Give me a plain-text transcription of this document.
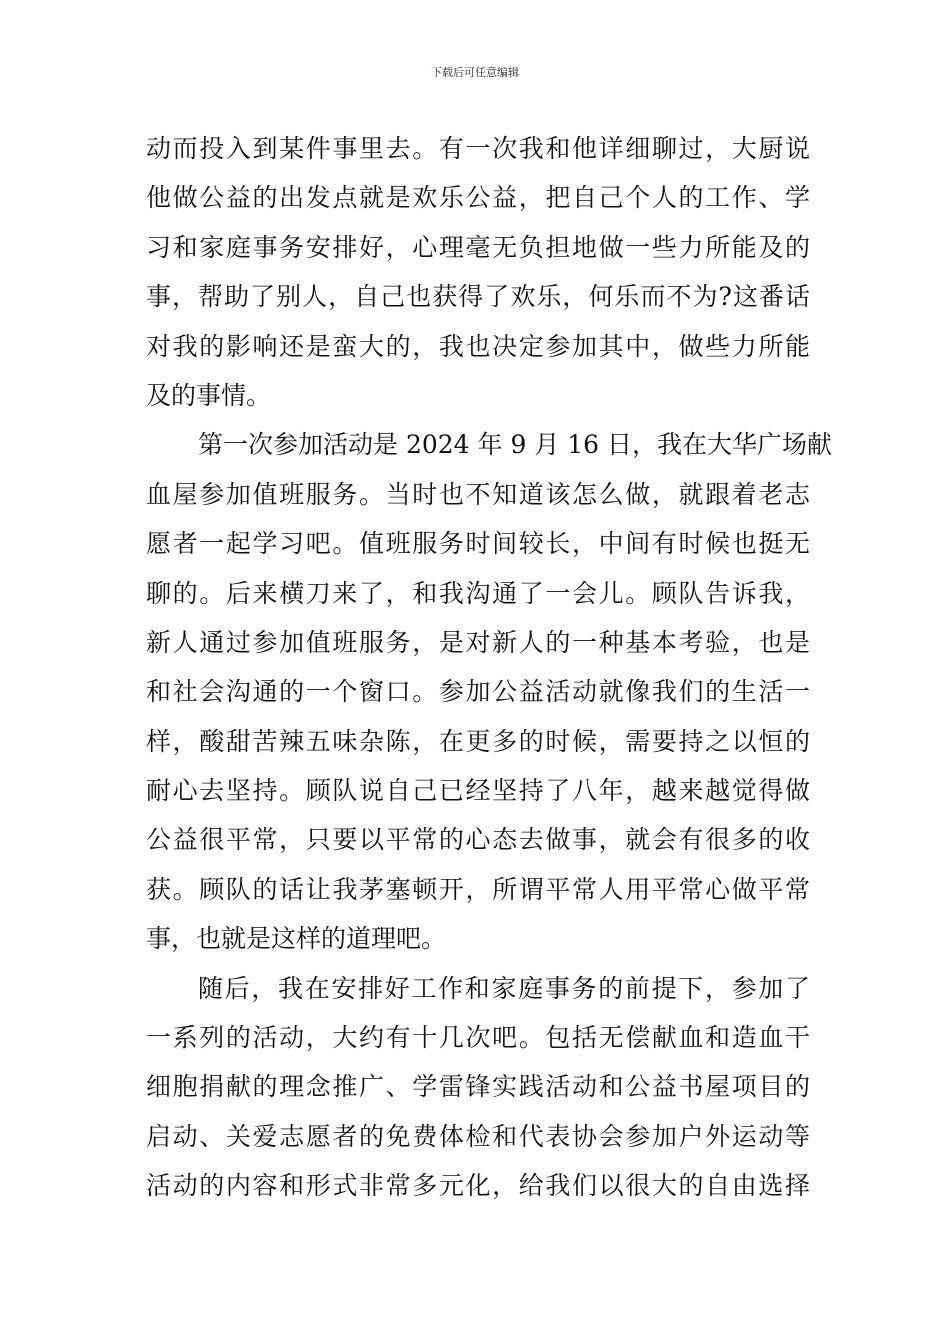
下载后可任意编辑
动而投入到某件事里去。有一次我和他详细聊过，大厨说
他做公益的出发点就是欢乐公益，把自己个人的工作、学
习和家庭事务安排好，心理毫无负担地做一些力所能及的
事，帮助了别人，自己也获得了欢乐，何乐而不为?这番话
对我的影响还是蛮大的，我也决定参加其中，做些力所能
及的事情。
第一次参加活动是 2024 年 9 月 16 日，我在大华广场献
血屋参加值班服务。当时也不知道该怎么做，就跟着老志
愿者一起学习吧。值班服务时间较长，中间有时候也挺无
聊的。后来横刀来了，和我沟通了一会儿。顾队告诉我，
新人通过参加值班服务，是对新人的一种基本考验，也是
和社会沟通的一个窗口。参加公益活动就像我们的生活一
样，酸甜苦辣五味杂陈，在更多的时候，需要持之以恒的
耐心去坚持。顾队说自己已经坚持了八年，越来越觉得做
公益很平常，只要以平常的心态去做事，就会有很多的收
获。顾队的话让我茅塞顿开，所谓平常人用平常心做平常
事，也就是这样的道理吧。
随后，我在安排好工作和家庭事务的前提下，参加了
一系列的活动，大约有十几次吧。包括无偿献血和造血干
细胞捐献的理念推广、学雷锋实践活动和公益书屋项目的
启动、关爱志愿者的免费体检和代表协会参加户外运动等
活动的内容和形式非常多元化，给我们以很大的自由选择
